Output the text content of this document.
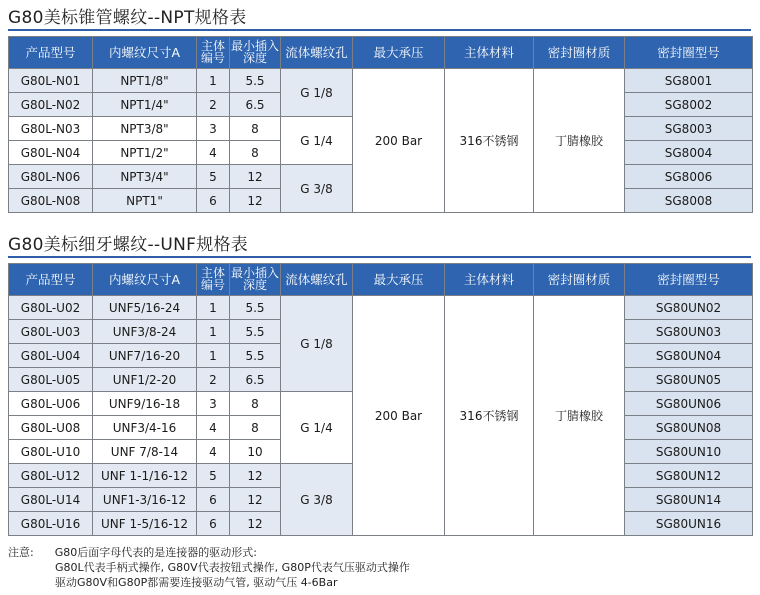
G80美标锥管螺纹--NPT规格表
产品型号	内螺纹尺寸A	主体编号	最小插入深度	流体螺纹孔	最大承压	主体材料	密封圈材质	密封圈型号
G80L-N01	NPT1/8"	1	5.5	G 1/8	200 Bar	316不锈钢	丁腈橡胶	SG8001
G80L-N02	NPT1/4"	2	6.5					SG8002
G80L-N03	NPT3/8"	3	8	G 1/4				SG8003
G80L-N04	NPT1/2"	4	8					SG8004
G80L-N06	NPT3/4"	5	12	G 3/8				SG8006
G80L-N08	NPT1"	6	12					SG8008
G80美标细牙螺纹--UNF规格表
产品型号	内螺纹尺寸A	主体编号	最小插入深度	流体螺纹孔	最大承压	主体材料	密封圈材质	密封圈型号
G80L-U02	UNF5/16-24	1	5.5	G 1/8	200 Bar	316不锈钢	丁腈橡胶	SG80UN02
G80L-U03	UNF3/8-24	1	5.5					SG80UN03
G80L-U04	UNF7/16-20	1	5.5					SG80UN04
G80L-U05	UNF1/2-20	2	6.5					SG80UN05
G80L-U06	UNF9/16-18	3	8	G 1/4				SG80UN06
G80L-U08	UNF3/4-16	4	8					SG80UN08
G80L-U10	UNF 7/8-14	4	10					SG80UN10
G80L-U12	UNF 1-1/16-12	5	12	G 3/8				SG80UN12
G80L-U14	UNF1-3/16-12	6	12					SG80UN14
G80L-U16	UNF 1-5/16-12	6	12					SG80UN16
注意: G80后面字母代表的是连接器的驱动形式:
G80L代表手柄式操作, G80V代表按钮式操作, G80P代表气压驱动式操作
驱动G80V和G80P都需要连接驱动气管, 驱动气压 4-6Bar
